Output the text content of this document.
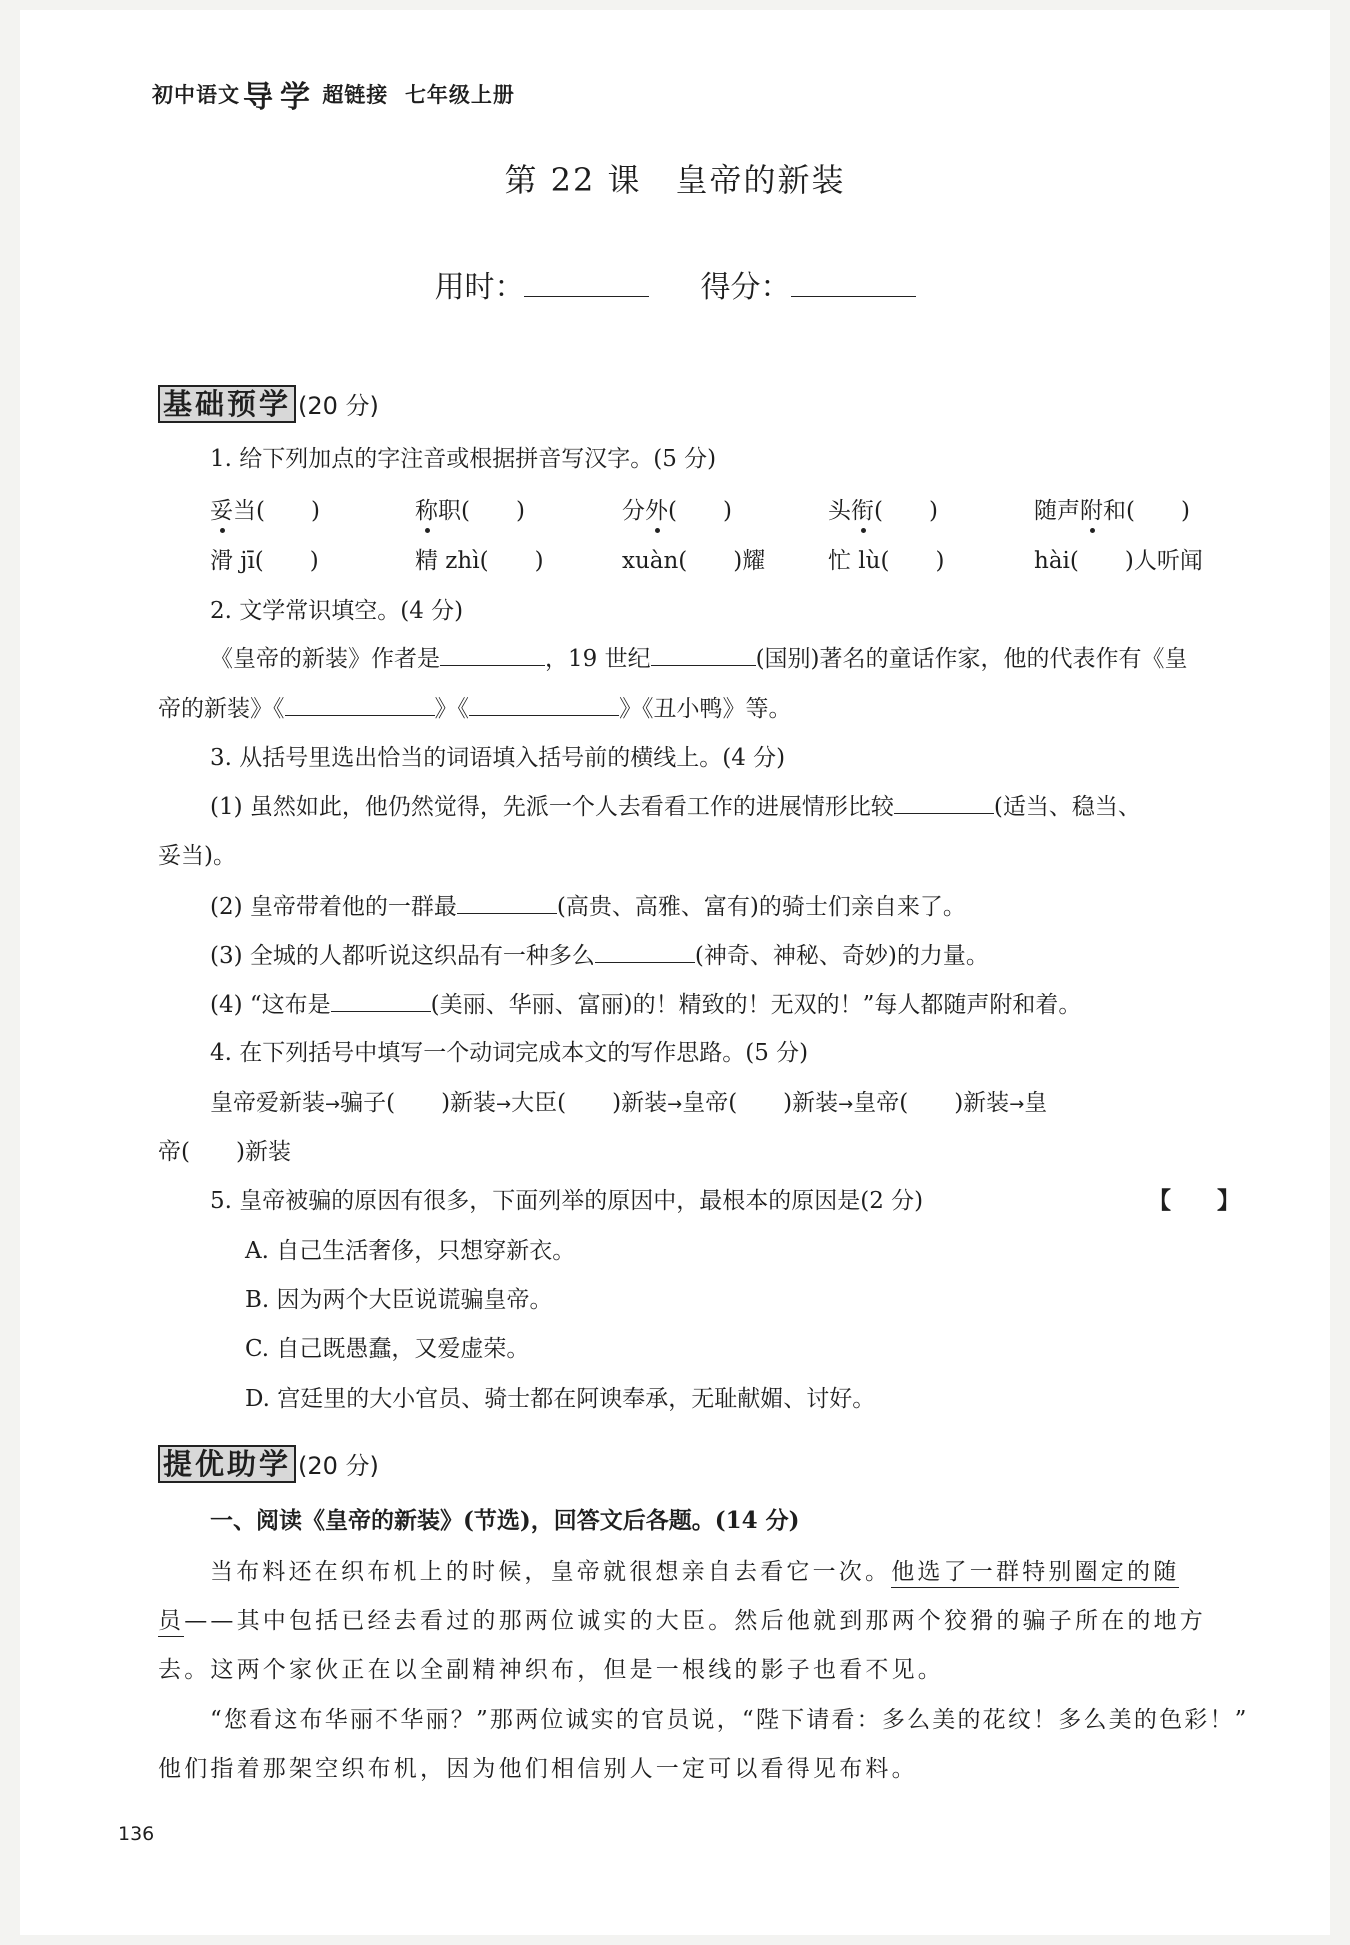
初中语文 导 学 超链接 七年级上册
第 22 课　皇帝的新装
用时：	得分：
基础预学 (20 分)
1. 给下列加点的字注音或根据拼音写汉字。(5 分)
妥当(　　)	称职(　　)	分外(　　)	头衔(　　)	随声附和(　　)
滑 jī(　　)	精 zhì(　　)	xuàn(　　)耀	忙 lù(　　)	hài(　　)人听闻
2. 文学常识填空。(4 分)
《皇帝的新装》作者是	，19 世纪	(国别)著名的童话作家，他的代表作有《皇
帝的新装》《	》《	》《丑小鸭》等。
3. 从括号里选出恰当的词语填入括号前的横线上。(4 分)
(1) 虽然如此，他仍然觉得，先派一个人去看看工作的进展情形比较	(适当、稳当、
妥当)。
(2) 皇帝带着他的一群最	(高贵、高雅、富有)的骑士们亲自来了。
(3) 全城的人都听说这织品有一种多么	(神奇、神秘、奇妙)的力量。
(4) “这布是	(美丽、华丽、富丽)的！精致的！无双的！”每人都随声附和着。
4. 在下列括号中填写一个动词完成本文的写作思路。(5 分)
皇帝爱新装→骗子(　　)新装→大臣(　　)新装→皇帝(　　)新装→皇帝(　　)新装→皇
帝(　　)新装
5. 皇帝被骗的原因有很多，下面列举的原因中，最根本的原因是(2 分)	【　　】
A. 自己生活奢侈，只想穿新衣。
B. 因为两个大臣说谎骗皇帝。
C. 自己既愚蠢，又爱虚荣。
D. 宫廷里的大小官员、骑士都在阿谀奉承，无耻献媚、讨好。
提优助学 (20 分)
一、阅读《皇帝的新装》(节选)，回答文后各题。(14 分)
当布料还在织布机上的时候，皇帝就很想亲自去看它一次。他选了一群特别圈定的随
员——其中包括已经去看过的那两位诚实的大臣。然后他就到那两个狡猾的骗子所在的地方
去。这两个家伙正在以全副精神织布，但是一根线的影子也看不见。
“您看这布华丽不华丽？”那两位诚实的官员说，“陛下请看：多么美的花纹！多么美的色彩！”
他们指着那架空织布机，因为他们相信别人一定可以看得见布料。
136
